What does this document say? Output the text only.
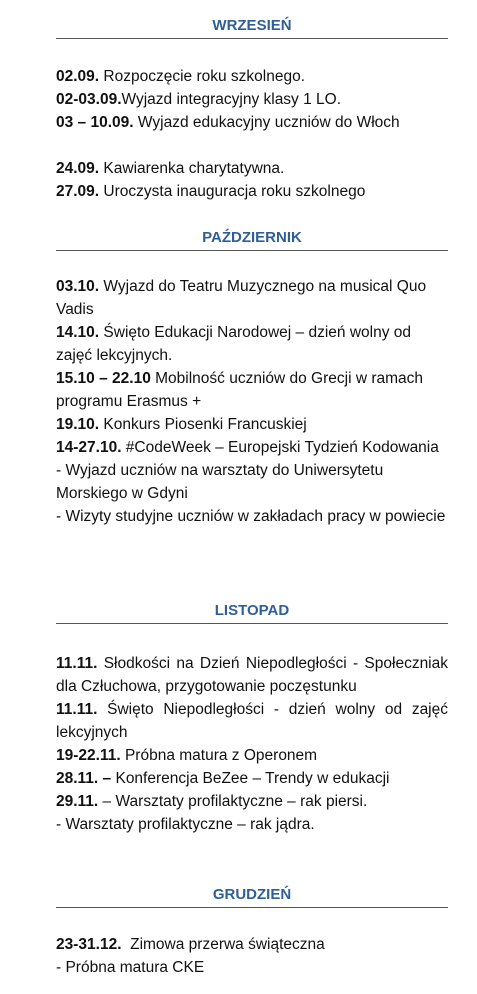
WRZESIEŃ

02.09. Rozpoczęcie roku szkolnego.

02-03.09.Wyjazd integracyjny klasy 1 LO.

03 – 10.09. Wyjazd edukacyjny uczniów do Włoch

24.09. Kawiarenka charytatywna.

27.09. Uroczysta inauguracja roku szkolnego

PAŹDZIERNIK

03.10. Wyjazd do Teatru Muzycznego na musical Quo Vadis

14.10. Święto Edukacji Narodowej – dzień wolny od zajęć lekcyjnych.

15.10 – 22.10 Mobilność uczniów do Grecji w ramach programu Erasmus +

19.10. Konkurs Piosenki Francuskiej

14-27.10. #CodeWeek – Europejski Tydzień Kodowania

- Wyjazd uczniów na warsztaty do Uniwersytetu Morskiego w Gdyni

- Wizyty studyjne uczniów w zakładach pracy w powiecie

LISTOPAD

11.11. Słodkości na Dzień Niepodległości - Społeczniak dla Człuchowa, przygotowanie poczęstunku

11.11. Święto Niepodległości - dzień wolny od zajęć lekcyjnych

19-22.11. Próbna matura z Operonem

28.11. – Konferencja BeZee – Trendy w edukacji

29.11. – Warsztaty profilaktyczne – rak piersi.

- Warsztaty profilaktyczne – rak jądra.

GRUDZIEŃ

23-31.12.  Zimowa przerwa świąteczna

- Próbna matura CKE
